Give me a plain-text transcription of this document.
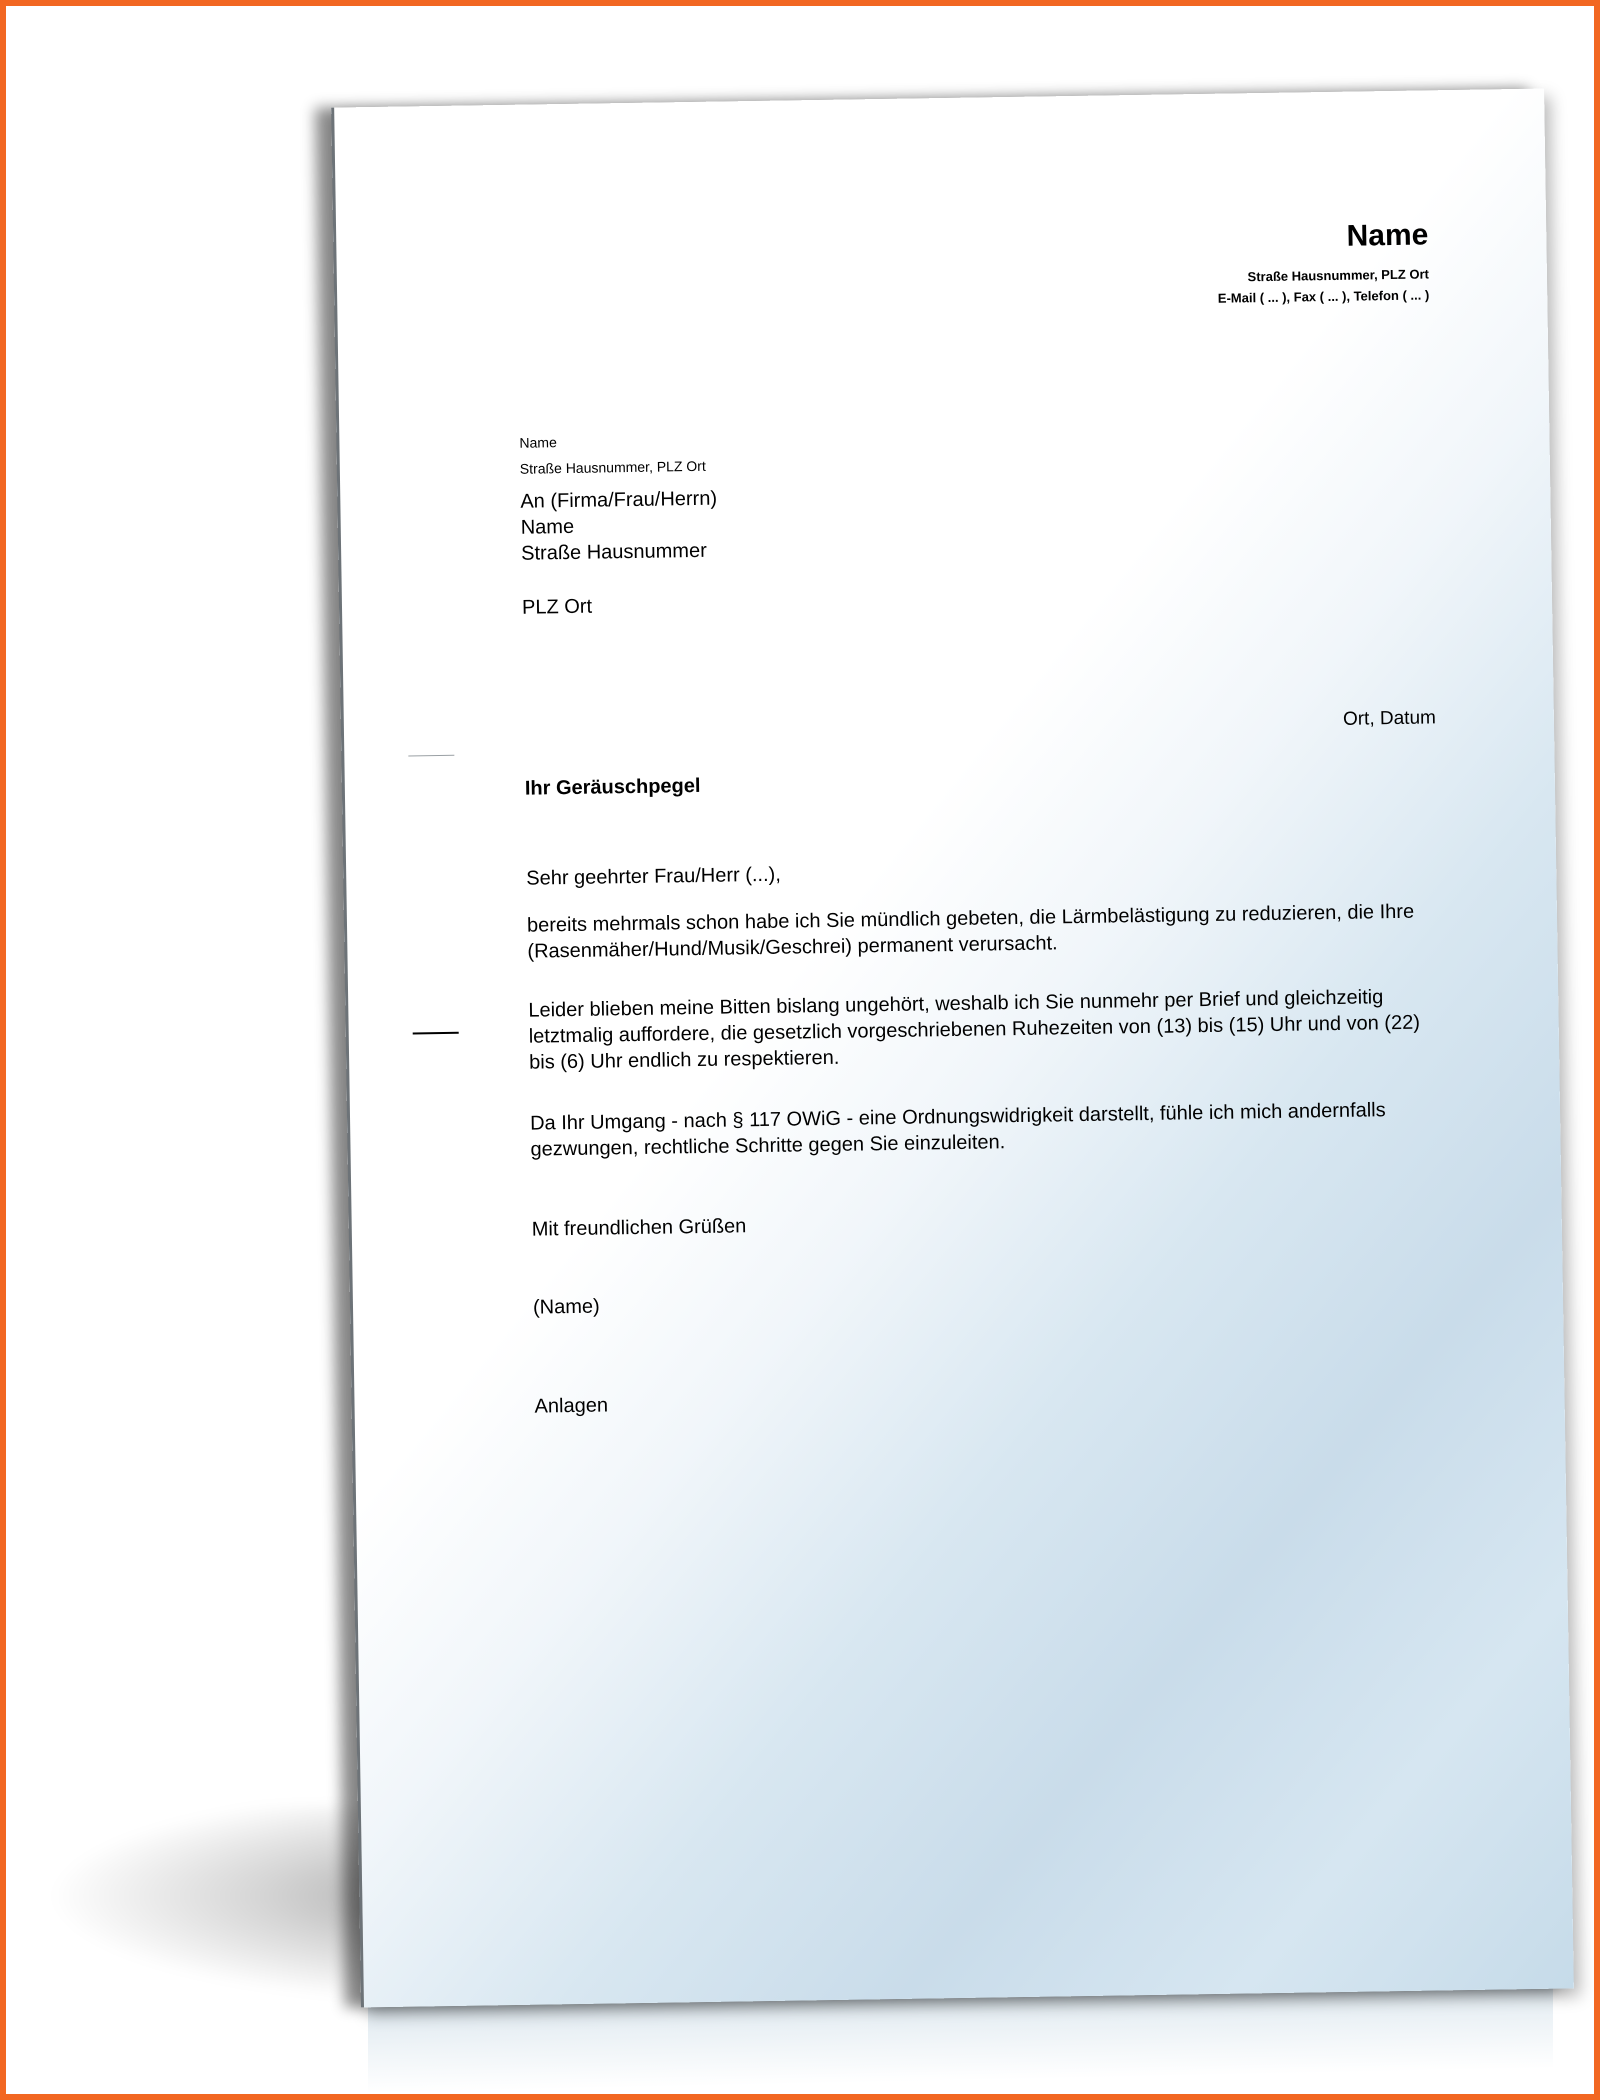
Name

Straße Hausnummer, PLZ Ort

E-Mail ( ... ), Fax ( ... ), Telefon ( ... )

Name

Straße Hausnummer, PLZ Ort

An (Firma/Frau/Herrn)
Name
Straße Hausnummer

PLZ Ort

Ort, Datum

Ihr Geräuschpegel

Sehr geehrter Frau/Herr (...),

bereits mehrmals schon habe ich Sie mündlich gebeten, die Lärmbelästigung zu reduzieren, die Ihre (Rasenmäher/Hund/Musik/Geschrei) permanent verursacht.

Leider blieben meine Bitten bislang ungehört, weshalb ich Sie nunmehr per Brief und gleichzeitig letztmalig auffordere, die gesetzlich vorgeschriebenen Ruhezeiten von (13) bis (15) Uhr und von (22) bis (6) Uhr endlich zu respektieren.

Da Ihr Umgang - nach § 117 OWiG - eine Ordnungswidrigkeit darstellt, fühle ich mich andernfalls gezwungen, rechtliche Schritte gegen Sie einzuleiten.

Mit freundlichen Grüßen

(Name)

Anlagen
